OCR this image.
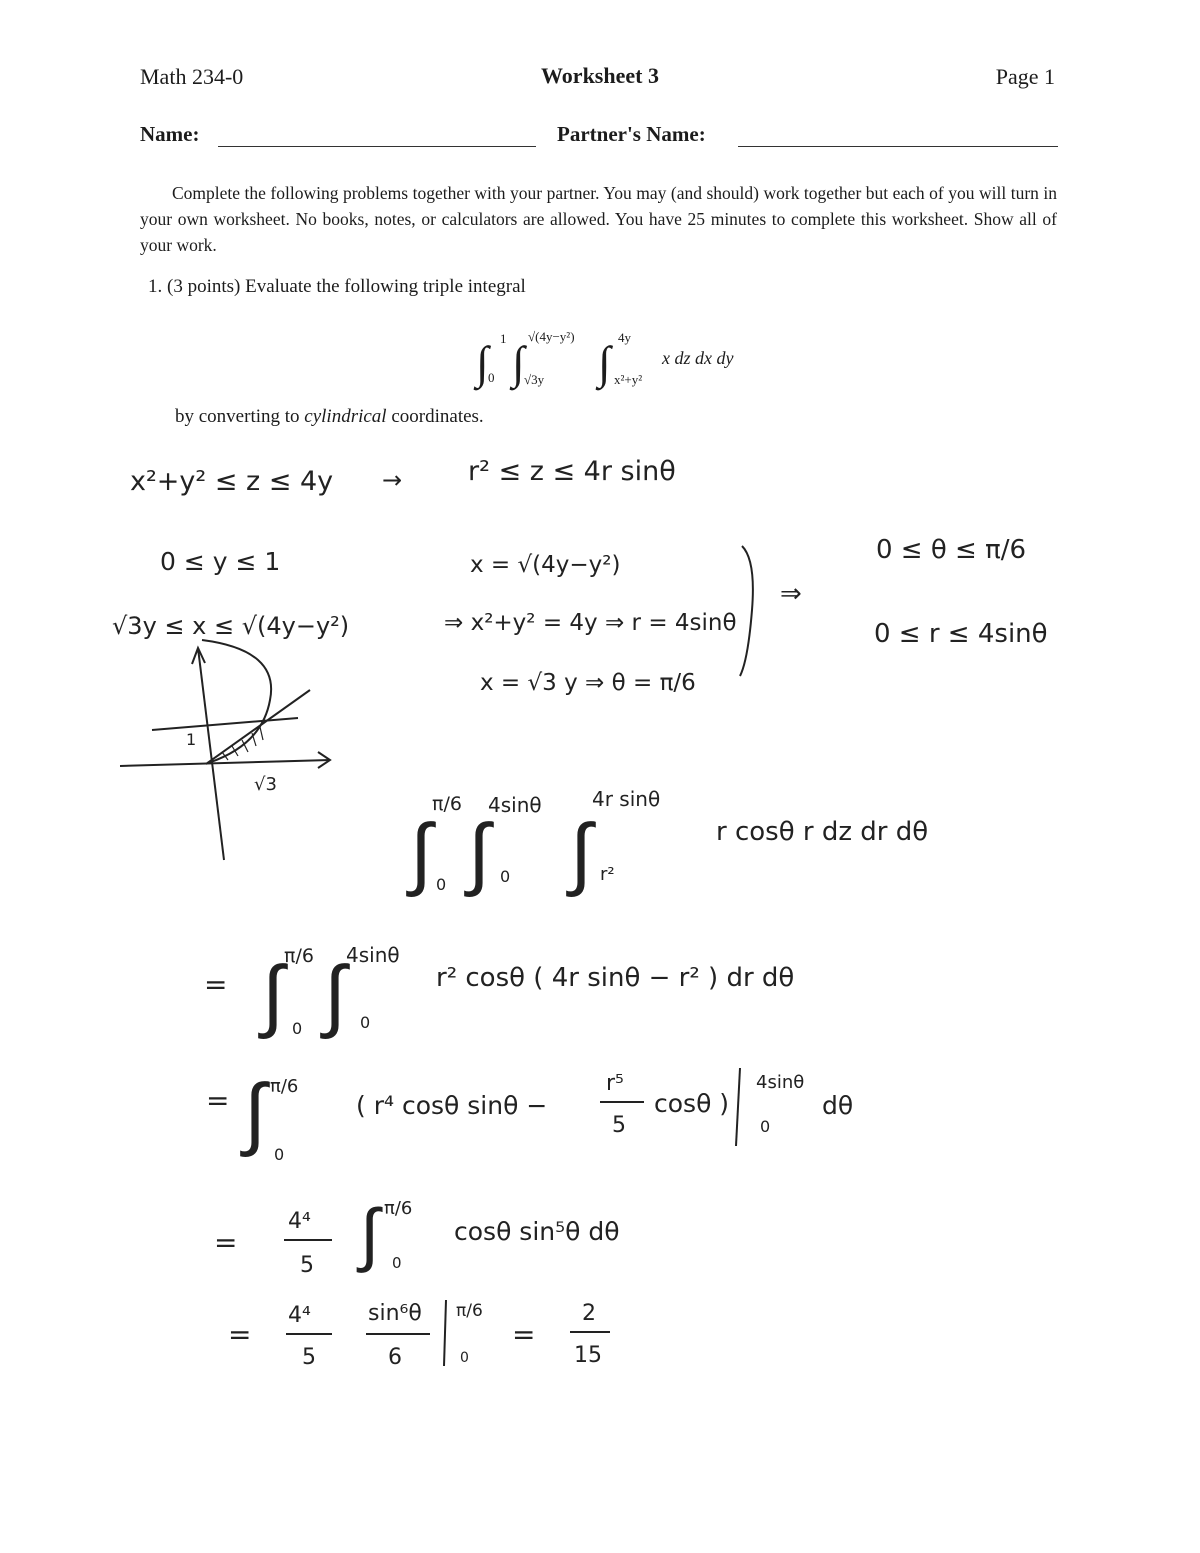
Math 234-0	Worksheet 3	Page 1
Name:	Partner's Name:

Complete the following problems together with your partner. You may (and should) work together but each of you will turn in your own worksheet. No books, notes, or calculators are allowed. You have 25 minutes to complete this worksheet. Show all of your work.

1. (3 points) Evaluate the following triple integral
by converting to cylindrical coordinates.
∫ 1
0 ∫
√(4y−y²)
√3y ∫ 4y
x²+y²
x dz dx dy
x²+y² ≤ z ≤ 4y → r² ≤ z ≤ 4r sinθ
0 ≤ y ≤ 1
√3y ≤ x ≤ √(4y−y²)
x = √(4y−y²)
⇒ x²+y² = 4y ⇒ r = 4sinθ
x = √3 y ⇒ θ = π/6
⇒
0 ≤ θ ≤ π/6
0 ≤ r ≤ 4sinθ
1
√3
∫
π/6
0 ∫
4sinθ
0 ∫
4r sinθ
r²
r cosθ r dz dr dθ
= ∫ π/6
0 ∫ 4sinθ
0
r² cosθ ( 4r sinθ − r² ) dr dθ
= ∫ π/6
0
( r⁴ cosθ sinθ −
r⁵
5
cosθ )
4sinθ
0
dθ
=
4⁴
5 ∫ π/6
0
cosθ sin⁵θ dθ
=
4⁴
5
sin⁶θ
6
π/6
0
=
2
15
